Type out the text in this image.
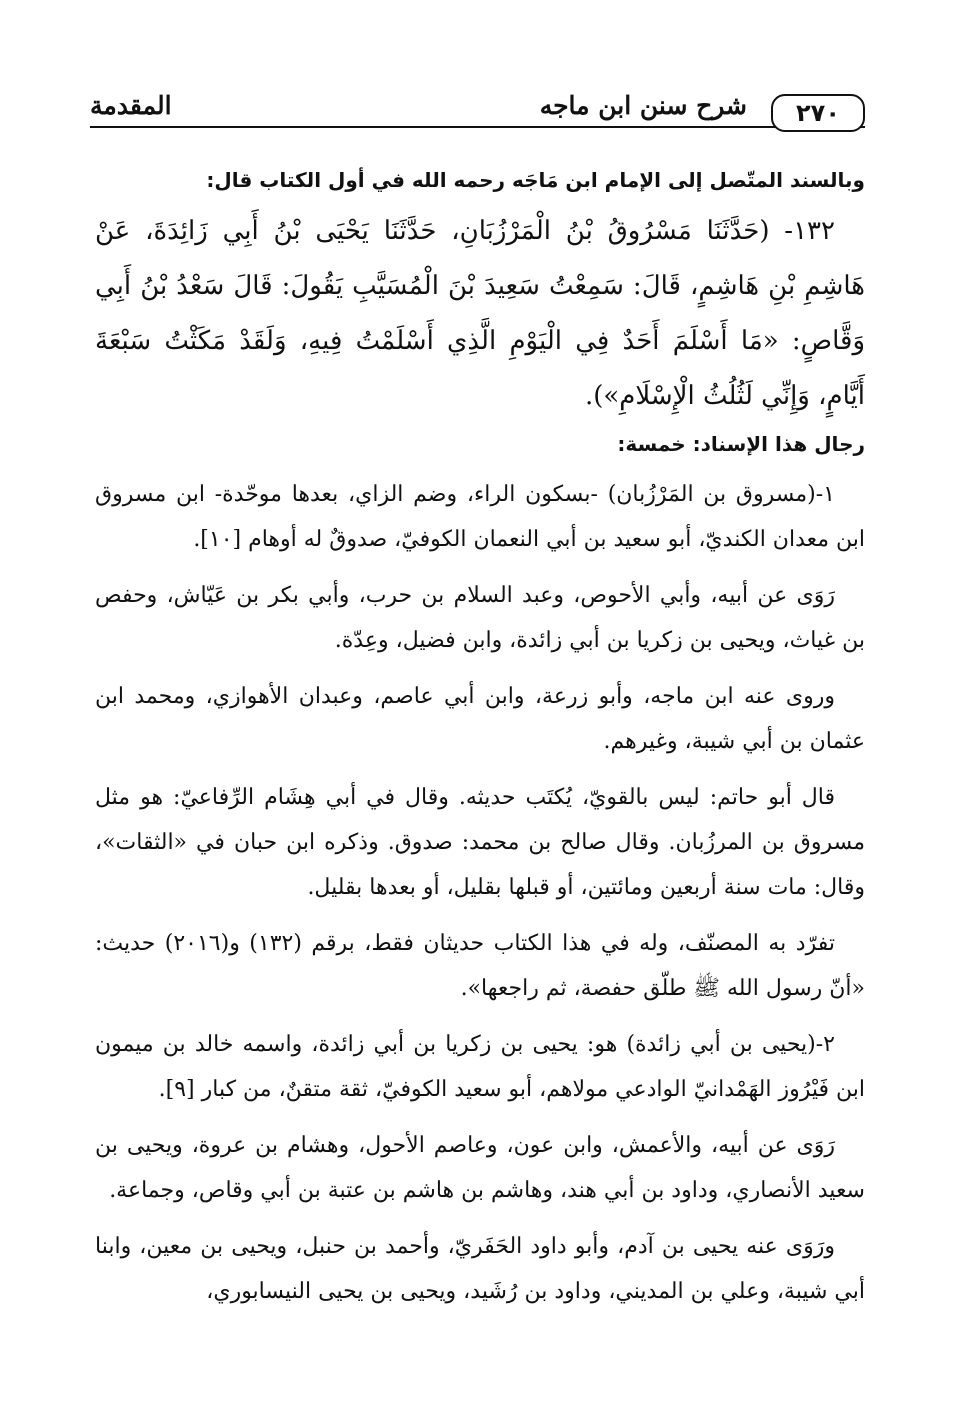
٢٧٠
شرح سنن ابن ماجه
المقدمة

وبالسند المتّصل إلى الإمام ابن مَاجَه رحمه الله في أول الكتاب قال:

١٣٢- (حَدَّثَنَا مَسْرُوقُ بْنُ الْمَرْزُبَانِ، حَدَّثَنَا يَحْيَى بْنُ أَبِي زَائِدَةَ، عَنْ هَاشِمِ بْنِ هَاشِمٍ، قَالَ: سَمِعْتُ سَعِيدَ بْنَ الْمُسَيَّبِ يَقُولَ: قَالَ سَعْدُ بْنُ أَبِي وَقَّاصٍ: «مَا أَسْلَمَ أَحَدٌ فِي الْيَوْمِ الَّذِي أَسْلَمْتُ فِيهِ، وَلَقَدْ مَكَثْتُ سَبْعَةَ أَيَّامٍ، وَإِنِّي لَثُلُثُ الْإِسْلَامِ»).

رجال هذا الإسناد: خمسة:

١-(مسروق بن المَرْزُبان) -بسكون الراء، وضم الزاي، بعدها موحّدة- ابن مسروق ابن معدان الكنديّ، أبو سعيد بن أبي النعمان الكوفيّ، صدوقٌ له أوهام [١٠].

رَوَى عن أبيه، وأبي الأحوص، وعبد السلام بن حرب، وأبي بكر بن عَيّاش، وحفص بن غياث، ويحيى بن زكريا بن أبي زائدة، وابن فضيل، وعِدّة.

وروى عنه ابن ماجه، وأبو زرعة، وابن أبي عاصم، وعبدان الأهوازي، ومحمد ابن عثمان بن أبي شيبة، وغيرهم.

قال أبو حاتم: ليس بالقويّ، يُكتَب حديثه. وقال في أبي هِشَام الرِّفاعيّ: هو مثل مسروق بن المرزُبان. وقال صالح بن محمد: صدوق. وذكره ابن حبان في «الثقات»، وقال: مات سنة أربعين ومائتين، أو قبلها بقليل، أو بعدها بقليل.

تفرّد به المصنّف، وله في هذا الكتاب حديثان فقط، برقم (١٣٢) و(٢٠١٦) حديث: «أنّ رسول الله ﷺ طلّق حفصة، ثم راجعها».

٢-(يحيى بن أبي زائدة) هو: يحيى بن زكريا بن أبي زائدة، واسمه خالد بن ميمون ابن فَيْرُوز الهَمْدانيّ الوادعي مولاهم، أبو سعيد الكوفيّ، ثقة متقنٌ، من كبار [٩].

رَوَى عن أبيه، والأعمش، وابن عون، وعاصم الأحول، وهشام بن عروة، ويحيى بن سعيد الأنصاري، وداود بن أبي هند، وهاشم بن هاشم بن عتبة بن أبي وقاص، وجماعة.

ورَوَى عنه يحيى بن آدم، وأبو داود الحَفَريّ، وأحمد بن حنبل، ويحيى بن معين، وابنا أبي شيبة، وعلي بن المديني، وداود بن رُشَيد، ويحيى بن يحيى النيسابوري،
